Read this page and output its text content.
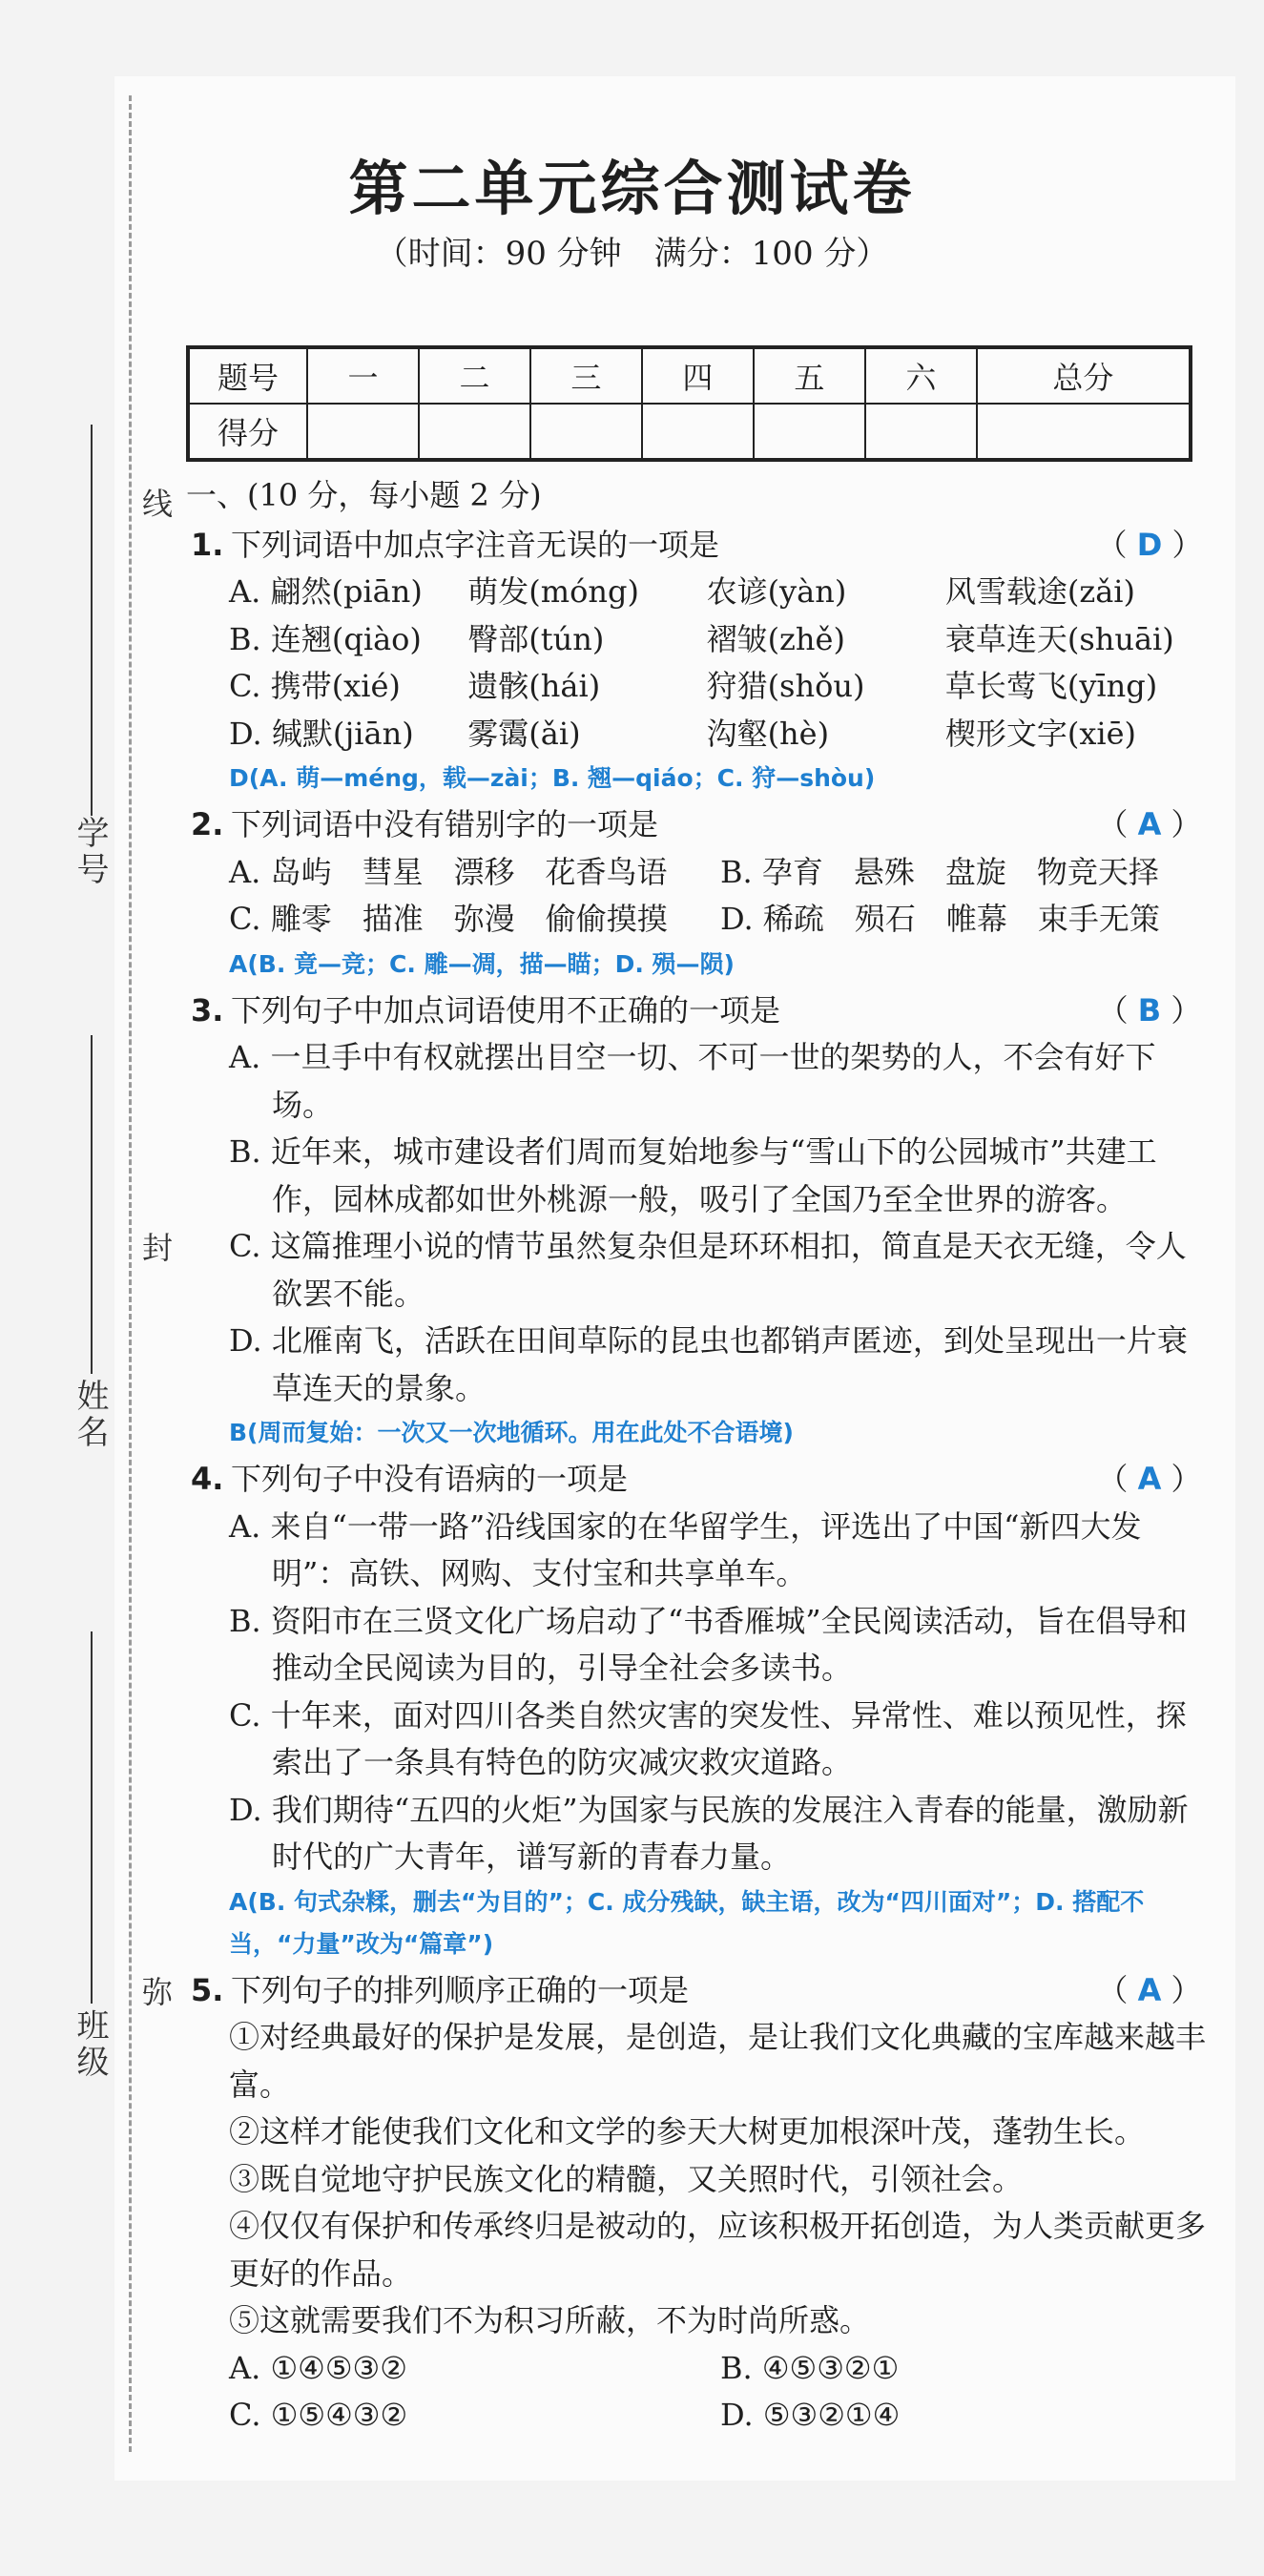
学号
姓名
班级
线
封
弥
第二单元综合测试卷
（时间：90 分钟　满分：100 分）
题号	一	二	三	四	五	六	总分
得分							
一、(10 分，每小题 2 分)
1. 下列词语中加点字注音无误的一项是	（ D ）
A. 翩然(piān)	萌发(móng)	农谚(yàn)	风雪载途(zǎi)
B. 连翘(qiào)	臀部(tún)	褶皱(zhě)	衰草连天(shuāi)
C. 携带(xié)	遗骸(hái)	狩猎(shǒu)	草长莺飞(yīng)
D. 缄默(jiān)	雾霭(ǎi)	沟壑(hè)	楔形文字(xiē)
D(A. 萌—méng，载—zài；B. 翘—qiáo；C. 狩—shòu)
2. 下列词语中没有错别字的一项是	（ A ）
A. 岛屿　彗星　漂移　花香鸟语	B. 孕育　悬殊　盘旋　物竞天择
C. 雕零　描准　弥漫　偷偷摸摸	D. 稀疏　殒石　帷幕　束手无策
A(B. 竟—竞；C. 雕—凋，描—瞄；D. 殒—陨)
3. 下列句子中加点词语使用不正确的一项是	（ B ）
A. 一旦手中有权就摆出目空一切、不可一世的架势的人，不会有好下场。
B. 近年来，城市建设者们周而复始地参与“雪山下的公园城市”共建工作，园林成都如世外桃源一般，吸引了全国乃至全世界的游客。
C. 这篇推理小说的情节虽然复杂但是环环相扣，简直是天衣无缝，令人欲罢不能。
D. 北雁南飞，活跃在田间草际的昆虫也都销声匿迹，到处呈现出一片衰草连天的景象。
B(周而复始：一次又一次地循环。用在此处不合语境)
4. 下列句子中没有语病的一项是	（ A ）
A. 来自“一带一路”沿线国家的在华留学生，评选出了中国“新四大发明”：高铁、网购、支付宝和共享单车。
B. 资阳市在三贤文化广场启动了“书香雁城”全民阅读活动，旨在倡导和推动全民阅读为目的，引导全社会多读书。
C. 十年来，面对四川各类自然灾害的突发性、异常性、难以预见性，探索出了一条具有特色的防灾减灾救灾道路。
D. 我们期待“五四的火炬”为国家与民族的发展注入青春的能量，激励新时代的广大青年，谱写新的青春力量。
A(B. 句式杂糅，删去“为目的”；C. 成分残缺，缺主语，改为“四川面对”；D. 搭配不当，“力量”改为“篇章”)
5. 下列句子的排列顺序正确的一项是	（ A ）
①对经典最好的保护是发展，是创造，是让我们文化典藏的宝库越来越丰富。
②这样才能使我们文化和文学的参天大树更加根深叶茂，蓬勃生长。
③既自觉地守护民族文化的精髓，又关照时代，引领社会。
④仅仅有保护和传承终归是被动的，应该积极开拓创造，为人类贡献更多更好的作品。
⑤这就需要我们不为积习所蔽，不为时尚所惑。
A. ①④⑤③②	B. ④⑤③②①
C. ①⑤④③②	D. ⑤③②①④
